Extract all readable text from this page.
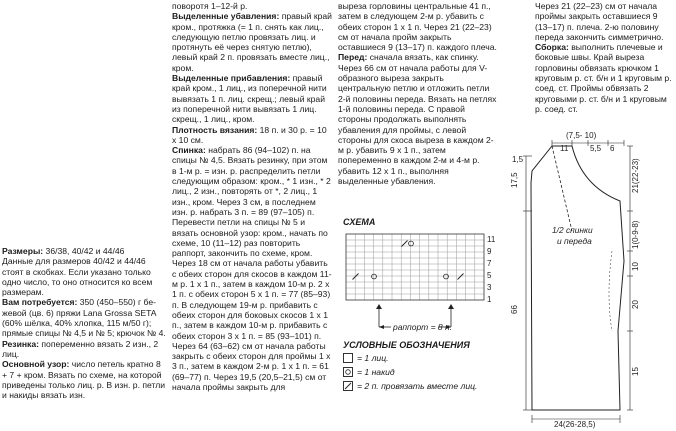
Размеры: 36/38, 40/42 и 44/46

Данные для размеров 40/42 и 44/46 стоят в скобках. Если указано только одно число, то оно относится ко всем размерам.

Вам потребуется: 350 (450–550) г бе-жевой (цв. 6) пряжи Lana Grossa SETA (60% шёлка, 40% хлопка, 115 м/50 г); прямые спицы № 4,5 и № 5; крючок № 4.

Резинка: попеременно вязать 2 изн., 2 лиц.

Основной узор: число петель кратно 8 + 7 + кром. Вязать по схеме, на которой приведены только лиц. р. В изн. р. петли и накиды вязать изн.

поворотя 1–12-й р.

Выделенные убавления: правый край кром., протяжка (= 1 п. снять как лиц., следующую петлю провязать лиц. и протянуть её через снятую петлю), левый край 2 п. провязать вместе лиц., кром.

Выделенные прибавления: правый край кром., 1 лиц., из поперечной нити вывязать 1 п. лиц. скрещ.; левый край из поперечной нити вывязать 1 лиц. скрещ., 1 лиц., кром.

Плотность вязания: 18 п. и 30 р. = 10 х 10 см.

Спинка: набрать 86 (94–102) п. на спицы № 4,5. Вязать резинку, при этом в 1-м р. = изн. р. распределить петли следующим образом: кром., * 1 изн., * 2 лиц., 2 изн., повторять от *, 2 лиц., 1 изн., кром. Через 3 см, в последнем изн. р. набрать 3 п. = 89 (97–105) п. Перевести петли на спицы № 5 и вязать основной узор: кром., начать по схеме, 10 (11–12) раз повторить раппорт, закончить по схеме, кром. Через 18 см от начала работы убавить с обеих сторон для скосов в каждом 11-м р. 1 х 1 п., затем в каждом 10-м р. 2 х 1 п. с обеих сторон 5 х 1 п. = 77 (85–93) п. В следующем 19-м р. прибавить с обеих сторон для боковых скосов 1 х 1 п., затем в каждом 10-м р. прибавить с обеих сторон 3 х 1 п. = 85 (93–101) п. Через 64 (63–62) см от начала работы закрыть с обеих сторон для проймы 1 х 3 п., затем в каждом 2-м р. 1 х 1 п. = 61 (69–77) п. Через 19,5 (20,5–21,5) см от начала проймы закрыть для

выреза горловины центральные 41 п., затем в следующем 2-м р. убавить с обеих сторон 1 х 1 п. Через 21 (22–23) см от начала пройм закрыть оставшиеся 9 (13–17) п. каждого плеча.

Перед: сначала вязать, как спинку. Через 66 см от начала работы для V-образного выреза закрыть центральную петлю и отложить петли 2-й половины переда. Вязать на петлях 1-й половины переда. С правой стороны продолжать выполнять убавления для проймы, с левой стороны для скоса выреза в каждом 2-м р. убавить 9 х 1 п., затем попеременно в каждом 2-м и 4-м р. убавить 12 х 1 п., выполняя выделенные убавления.

Через 21 (22–23) см от начала проймы закрыть оставшиеся 9 (13–17) п. плеча. 2-ю половину переда закончить симметрично.

Сборка: выполнить плечевые и боковые швы. Край выреза горловины обвязать крючком 1 круговым р. ст. б/н и 1 круговым р. соед. ст. Проймы обвязать 2 круговыми р. ст. б/н и 1 круговым р. соед. ст.

СХЕМА
11
9
7
5
3
1
раппорт = 8 п.
УСЛОВНЫЕ ОБОЗНАЧЕНИЯ
= 1 лиц.
= 1 накид
= 2 п. провязать вместе лиц.
(7,5- 10)
11	5,5 6
1,5
17,5
66
21(22-23)
1(0-9-8)
10
20
15
1/2 спинки
и переда
24(26-28,5)
